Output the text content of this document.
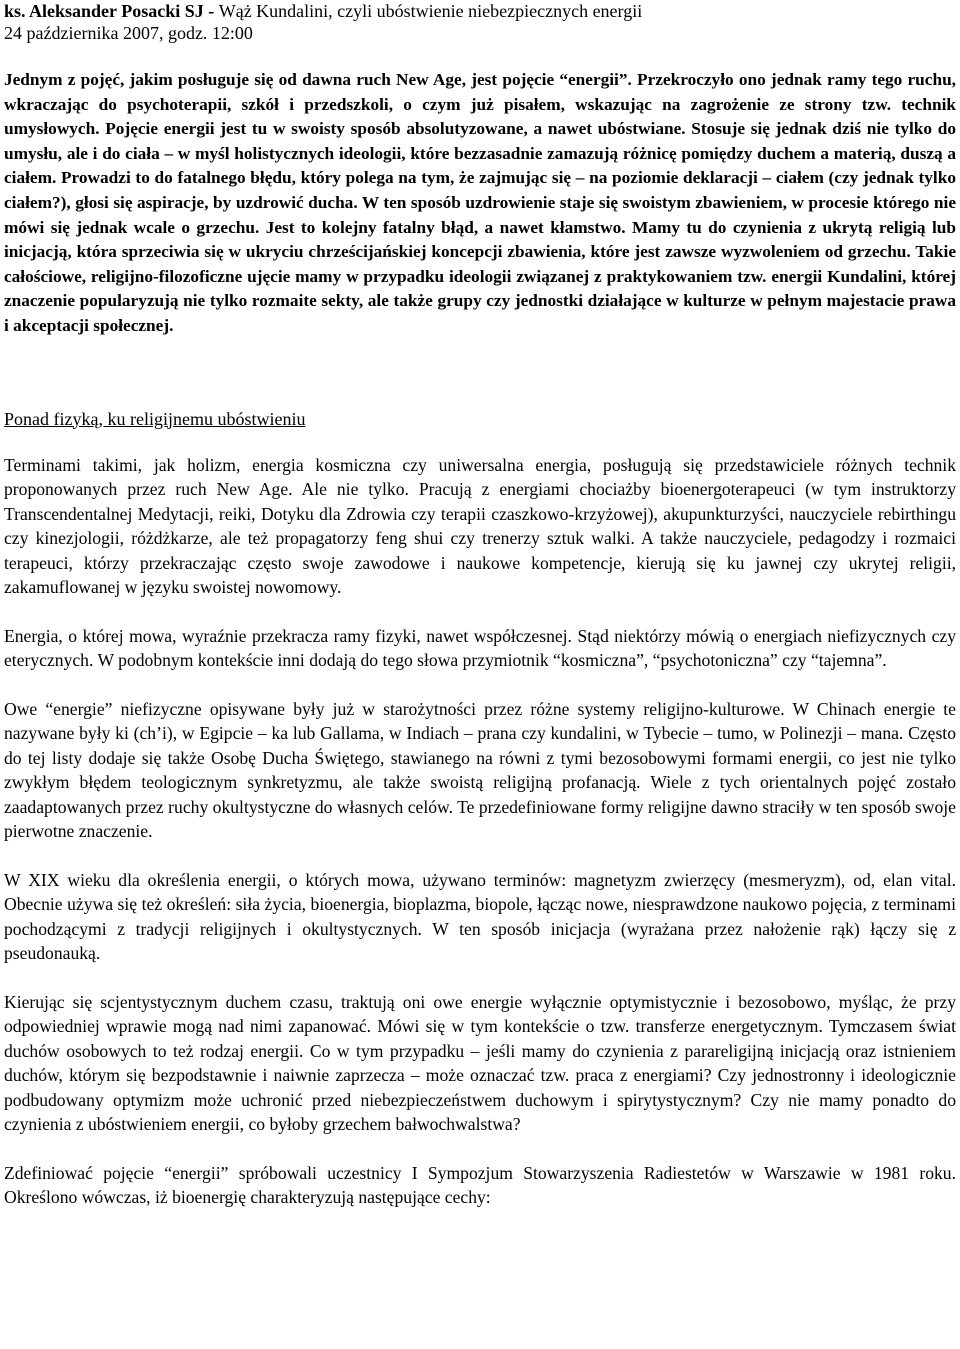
ks. Aleksander Posacki SJ - Wąż Kundalini, czyli ubóstwienie niebezpiecznych energii

24 października 2007, godz. 12:00

Jednym z pojęć, jakim posługuje się od dawna ruch New Age, jest pojęcie “energii”. Przekroczyło ono jednak ramy tego ruchu, wkraczając do psychoterapii, szkół i przedszkoli, o czym już pisałem, wskazując na zagrożenie ze strony tzw. technik umysłowych. Pojęcie energii jest tu w swoisty sposób absolutyzowane, a nawet ubóstwiane. Stosuje się jednak dziś nie tylko do umysłu, ale i do ciała – w myśl holistycznych ideologii, które bezzasadnie zamazują różnicę pomiędzy duchem a materią, duszą a ciałem. Prowadzi to do fatalnego błędu, który polega na tym, że zajmując się – na poziomie deklaracji – ciałem (czy jednak tylko ciałem?), głosi się aspiracje, by uzdrowić ducha. W ten sposób uzdrowienie staje się swoistym zbawieniem, w procesie którego nie mówi się jednak wcale o grzechu. Jest to kolejny fatalny błąd, a nawet kłamstwo. Mamy tu do czynienia z ukrytą religią lub inicjacją, która sprzeciwia się w ukryciu chrześcijańskiej koncepcji zbawienia, które jest zawsze wyzwoleniem od grzechu. Takie całościowe, religijno-filozoficzne ujęcie mamy w przypadku ideologii związanej z praktykowaniem tzw. energii Kundalini, której znaczenie popularyzują nie tylko rozmaite sekty, ale także grupy czy jednostki działające w kulturze w pełnym majestacie prawa i akceptacji społecznej.

Ponad fizyką, ku religijnemu ubóstwieniu

Terminami takimi, jak holizm, energia kosmiczna czy uniwersalna energia, posługują się przedstawiciele różnych technik proponowanych przez ruch New Age. Ale nie tylko. Pracują z energiami chociażby bioenergoterapeuci (w tym instruktorzy Transcendentalnej Medytacji, reiki, Dotyku dla Zdrowia czy terapii czaszkowo-krzyżowej), akupunkturzyści, nauczyciele rebirthingu czy kinezjologii, różdżkarze, ale też propagatorzy feng shui czy trenerzy sztuk walki. A także nauczyciele, pedagodzy i rozmaici terapeuci, którzy przekraczając często swoje zawodowe i naukowe kompetencje, kierują się ku jawnej czy ukrytej religii, zakamuflowanej w języku swoistej nowomowy.

Energia, o której mowa, wyraźnie przekracza ramy fizyki, nawet współczesnej. Stąd niektórzy mówią o energiach niefizycznych czy eterycznych. W podobnym kontekście inni dodają do tego słowa przymiotnik “kosmiczna”, “psychotoniczna” czy “tajemna”.

Owe “energie” niefizyczne opisywane były już w starożytności przez różne systemy religijno-kulturowe. W Chinach energie te nazywane były ki (ch’i), w Egipcie – ka lub Gallama, w Indiach – prana czy kundalini, w Tybecie – tumo, w Polinezji – mana. Często do tej listy dodaje się także Osobę Ducha Świętego, stawianego na równi z tymi bezosobowymi formami energii, co jest nie tylko zwykłym błędem teologicznym synkretyzmu, ale także swoistą religijną profanacją. Wiele z tych orientalnych pojęć zostało zaadaptowanych przez ruchy okultystyczne do własnych celów. Te przedefiniowane formy religijne dawno straciły w ten sposób swoje pierwotne znaczenie.

W XIX wieku dla określenia energii, o których mowa, używano terminów: magnetyzm zwierzęcy (mesmeryzm), od, elan vital. Obecnie używa się też określeń: siła życia, bioenergia, bioplazma, biopole, łącząc nowe, niesprawdzone naukowo pojęcia, z terminami pochodzącymi z tradycji religijnych i okultystycznych. W ten sposób inicjacja (wyrażana przez nałożenie rąk) łączy się z pseudonauką.

Kierując się scjentystycznym duchem czasu, traktują oni owe energie wyłącznie optymistycznie i bezosobowo, myśląc, że przy odpowiedniej wprawie mogą nad nimi zapanować. Mówi się w tym kontekście o tzw. transferze energetycznym. Tymczasem świat duchów osobowych to też rodzaj energii. Co w tym przypadku – jeśli mamy do czynienia z parareligijną inicjacją oraz istnieniem duchów, którym się bezpodstawnie i naiwnie zaprzecza – może oznaczać tzw. praca z energiami? Czy jednostronny i ideologicznie podbudowany optymizm może uchronić przed niebezpieczeństwem duchowym i spirytystycznym? Czy nie mamy ponadto do czynienia z ubóstwieniem energii, co byłoby grzechem bałwochwalstwa?

Zdefiniować pojęcie “energii” spróbowali uczestnicy I Sympozjum Stowarzyszenia Radiestetów w Warszawie w 1981 roku. Określono wówczas, iż bioenergię charakteryzują następujące cechy:
